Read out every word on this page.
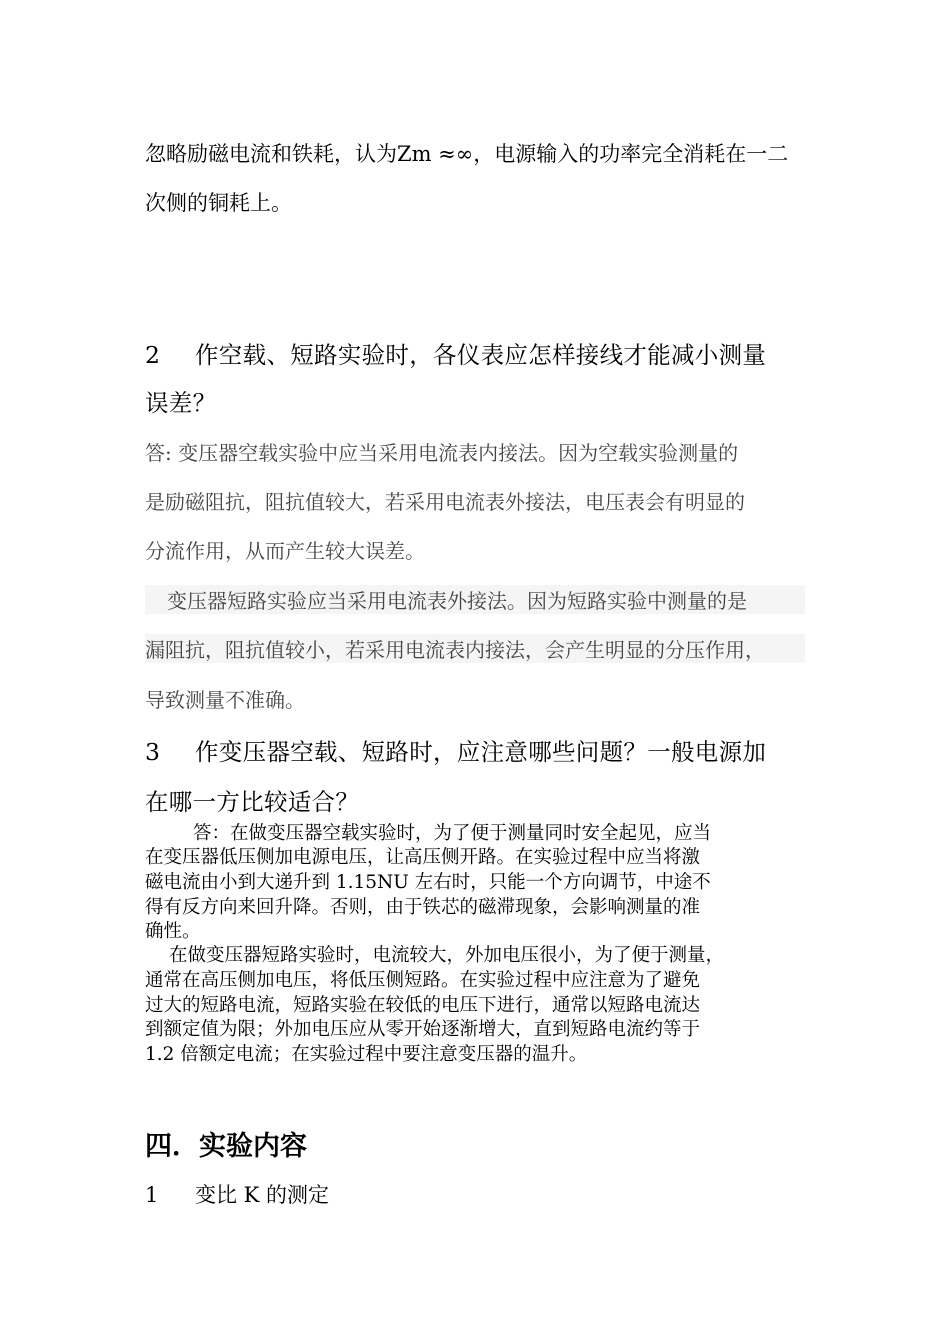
忽略励磁电流和铁耗，认为Zm ≈∞，电源输入的功率完全消耗在一二
次侧的铜耗上。
2 作空载、短路实验时，各仪表应怎样接线才能减小测量
误差？
答: 变压器空载实验中应当采用电流表内接法。因为空载实验测量的
是励磁阻抗，阻抗值较大，若采用电流表外接法，电压表会有明显的
分流作用，从而产生较大误差。
变压器短路实验应当采用电流表外接法。因为短路实验中测量的是
漏阻抗，阻抗值较小，若采用电流表内接法，会产生明显的分压作用，
导致测量不准确。
3 作变压器空载、短路时，应注意哪些问题？一般电源加
在哪一方比较适合？
答：在做变压器空载实验时，为了便于测量同时安全起见，应当
在变压器低压侧加电源电压，让高压侧开路。在实验过程中应当将激
磁电流由小到大递升到 1.15NU 左右时，只能一个方向调节，中途不
得有反方向来回升降。否则，由于铁芯的磁滞现象，会影响测量的准
确性。
在做变压器短路实验时，电流较大，外加电压很小，为了便于测量，
通常在高压侧加电压，将低压侧短路。在实验过程中应注意为了避免
过大的短路电流，短路实验在较低的电压下进行，通常以短路电流达
到额定值为限；外加电压应从零开始逐渐增大，直到短路电流约等于
1.2 倍额定电流；在实验过程中要注意变压器的温升。
四．实验内容
1 变比 K 的测定
